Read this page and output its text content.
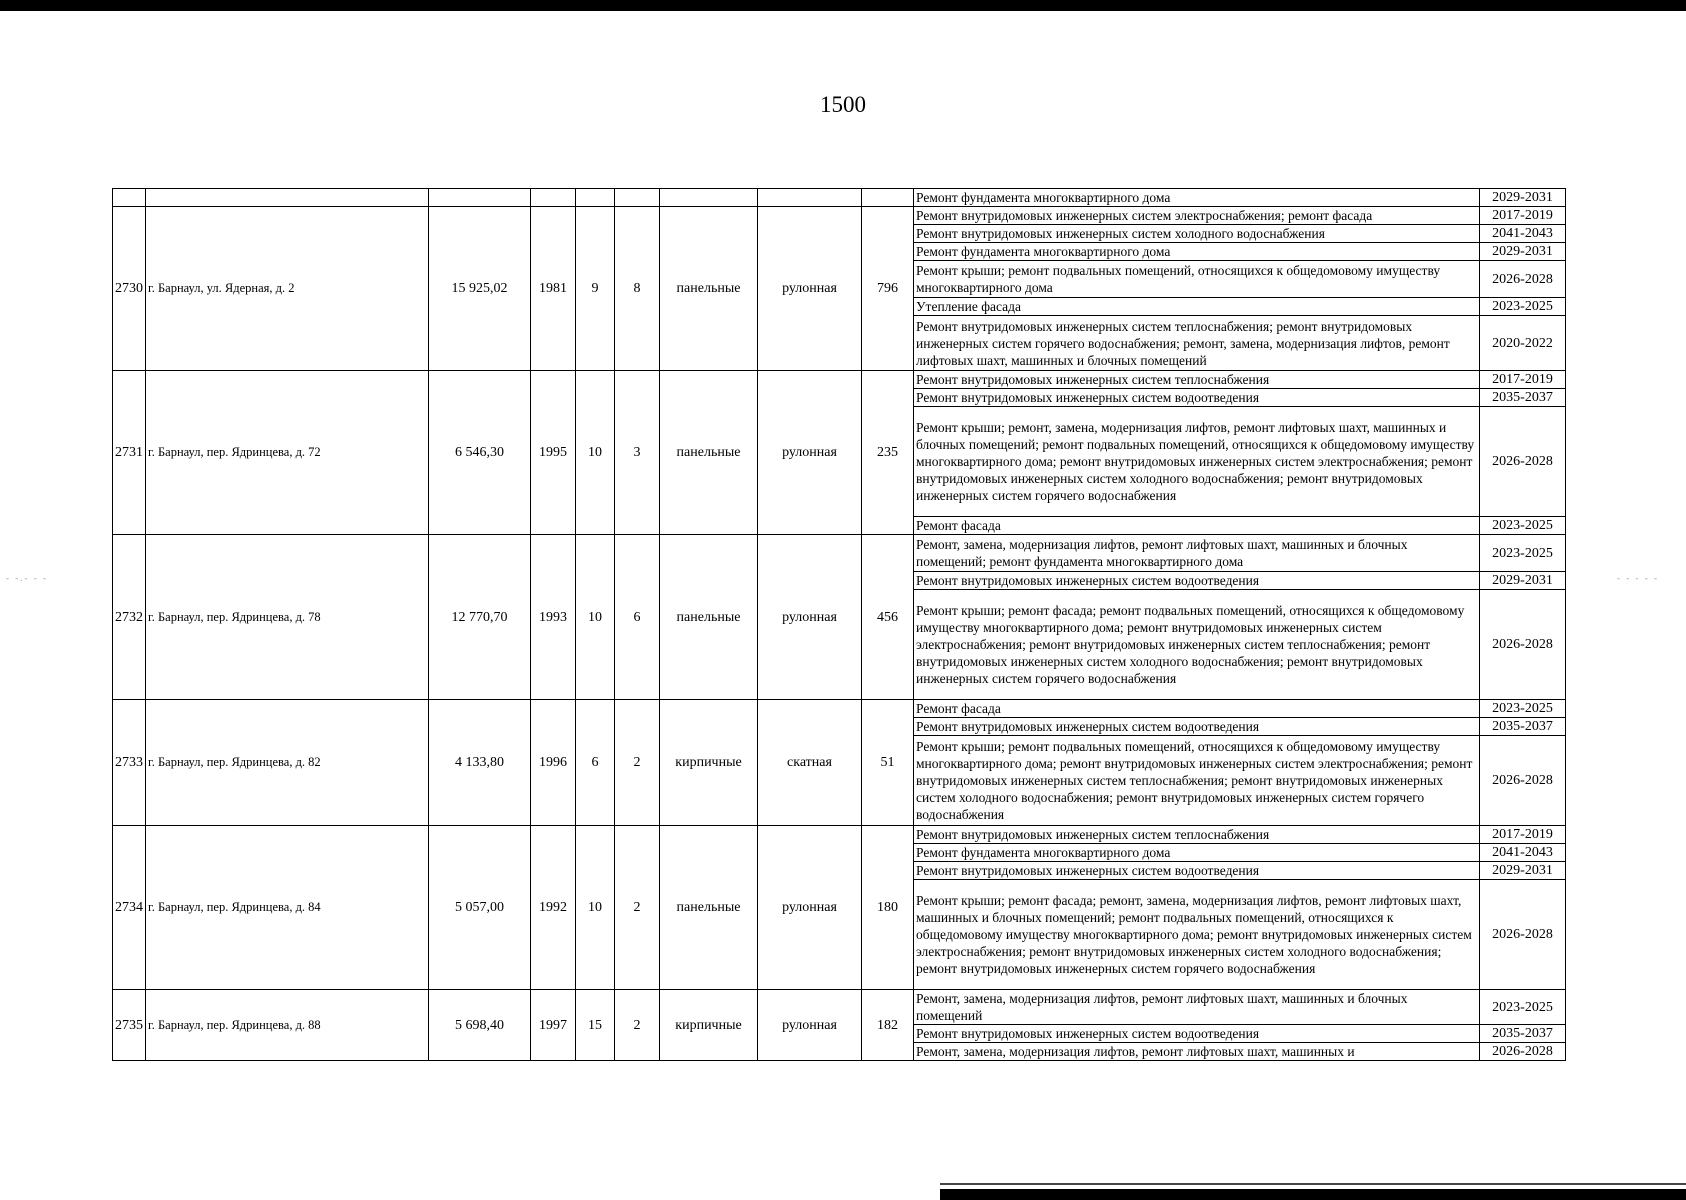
1500
- -.- - -	- - - - -
									Ремонт фундамента многоквартирного дома	2029-2031
2730	г. Барнаул, ул. Ядерная, д. 2	15 925,02	1981	9	8	панельные	рулонная	796	Ремонт внутридомовых инженерных систем электроснабжения; ремонт фасада	2017-2019
									Ремонт внутридомовых инженерных систем холодного водоснабжения	2041-2043
									Ремонт фундамента многоквартирного дома	2029-2031
									Ремонт крыши; ремонт подвальных помещений, относящихся к общедомовому имуществу многоквартирного дома	2026-2028
									Утепление фасада	2023-2025
									Ремонт внутридомовых инженерных систем теплоснабжения; ремонт внутридомовых инженерных систем горячего водоснабжения; ремонт, замена, модернизация лифтов, ремонт лифтовых шахт, машинных и блочных помещений	2020-2022
2731	г. Барнаул, пер. Ядринцева, д. 72	6 546,30	1995	10	3	панельные	рулонная	235	Ремонт внутридомовых инженерных систем теплоснабжения	2017-2019
									Ремонт внутридомовых инженерных систем водоотведения	2035-2037
									Ремонт крыши; ремонт, замена, модернизация лифтов, ремонт лифтовых шахт, машинных и блочных помещений; ремонт подвальных помещений, относящихся к общедомовому имуществу многоквартирного дома; ремонт внутридомовых инженерных систем электроснабжения; ремонт внутридомовых инженерных систем холодного водоснабжения; ремонт внутридомовых инженерных систем горячего водоснабжения	2026-2028
									Ремонт фасада	2023-2025
2732	г. Барнаул, пер. Ядринцева, д. 78	12 770,70	1993	10	6	панельные	рулонная	456	Ремонт, замена, модернизация лифтов, ремонт лифтовых шахт, машинных и блочных помещений; ремонт фундамента многоквартирного дома	2023-2025
									Ремонт внутридомовых инженерных систем водоотведения	2029-2031
									Ремонт крыши; ремонт фасада; ремонт подвальных помещений, относящихся к общедомовому имуществу многоквартирного дома; ремонт внутридомовых инженерных систем электроснабжения; ремонт внутридомовых инженерных систем теплоснабжения; ремонт внутридомовых инженерных систем холодного водоснабжения; ремонт внутридомовых инженерных систем горячего водоснабжения	2026-2028
2733	г. Барнаул, пер. Ядринцева, д. 82	4 133,80	1996	6	2	кирпичные	скатная	51	Ремонт фасада	2023-2025
									Ремонт внутридомовых инженерных систем водоотведения	2035-2037
									Ремонт крыши; ремонт подвальных помещений, относящихся к общедомовому имуществу многоквартирного дома; ремонт внутридомовых инженерных систем электроснабжения; ремонт внутридомовых инженерных систем теплоснабжения; ремонт внутридомовых инженерных систем холодного водоснабжения; ремонт внутридомовых инженерных систем горячего водоснабжения	2026-2028
2734	г. Барнаул, пер. Ядринцева, д. 84	5 057,00	1992	10	2	панельные	рулонная	180	Ремонт внутридомовых инженерных систем теплоснабжения	2017-2019
									Ремонт фундамента многоквартирного дома	2041-2043
									Ремонт внутридомовых инженерных систем водоотведения	2029-2031
									Ремонт крыши; ремонт фасада; ремонт, замена, модернизация лифтов, ремонт лифтовых шахт, машинных и блочных помещений; ремонт подвальных помещений, относящихся к общедомовому имуществу многоквартирного дома; ремонт внутридомовых инженерных систем электроснабжения; ремонт внутридомовых инженерных систем холодного водоснабжения; ремонт внутридомовых инженерных систем горячего водоснабжения	2026-2028
2735	г. Барнаул, пер. Ядринцева, д. 88	5 698,40	1997	15	2	кирпичные	рулонная	182	Ремонт, замена, модернизация лифтов, ремонт лифтовых шахт, машинных и блочных помещений	2023-2025
									Ремонт внутридомовых инженерных систем водоотведения	2035-2037
									Ремонт, замена, модернизация лифтов, ремонт лифтовых шахт, машинных и	2026-2028
